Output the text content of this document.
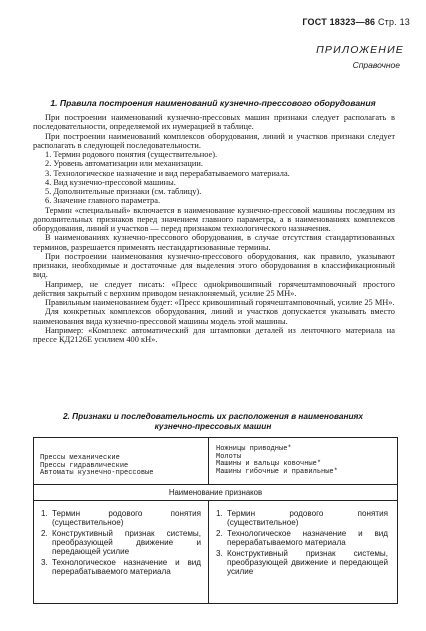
ГОСТ 18323—86 Стр. 13
ПРИЛОЖЕНИЕ
Справочное
1. Правила построения наименований кузнечно-прессового оборудования

При построении наименований кузнечно-прессовых машин признаки следует располагать в последовательности, определяемой их нумерацией в таблице.

При построении наименований комплексов оборудования, линий и участков признаки следует располагать в следующей последовательности.

1. Термин родового понятия (существительное).

2. Уровень автоматизации или механизации.

3. Технологическое назначение и вид перерабатываемого материала.

4. Вид кузнечно-прессовой машины.

5. Дополнительные признаки (см. таблицу).

6. Значение главного параметра.

Термин «специальный» включается в наименование кузнечно-прессовой машины последним из дополнительных признаков перед значением главного параметра, а в наименованиях комплексов оборудования, линий и участков — перед признаком технологического назначения.

В наименованиях кузнечно-прессового оборудования, в случае отсутствия стандартизованных терминов, разрешается применять нестандартизованные термины.

При построении наименования кузнечно-прессового оборудования, как правило, указывают признаки, необходимые и достаточные для выделения этого оборудования в классификационный вид.

Например, не следует писать: «Пресс одноkривошипный горячештамповочный простого действия закрытый с верхним приводом ненаклоняемый, усилие 25 МН».

Правильным наименованием будет: «Пресс кривошипный горячештамповочный, усилие 25 МН».

Для конкретных комплексов оборудования, линий и участков допускается указывать вместо наименования вида кузнечно-прессовой машины модель этой машины.

Например: «Комплекс автоматический для штамповки деталей из ленточного материала на прессе КД2126Е усилием 400 кН».

2. Признаки и последовательность их расположения в наименованиях
кузнечно-прессовых машин
Прессы механические
Прессы гидравлические
Автоматы кузнечно-прессовые
Ножницы приводные*
Молоты
Машины и вальцы ковочные*
Машины гибочные и правильные*
Наименование признаков
1. Термин родового понятия (существительное)
2. Конструктивный признак системы, преобразующей движение и передающей усилие
3. Технологическое назначение и вид перерабатываемого материала
1. Термин родового понятия (существительное)
2. Технологическое назначение и вид перерабатываемого материала
3. Конструктивный признак системы, преобразующей движение и передающей усилие
